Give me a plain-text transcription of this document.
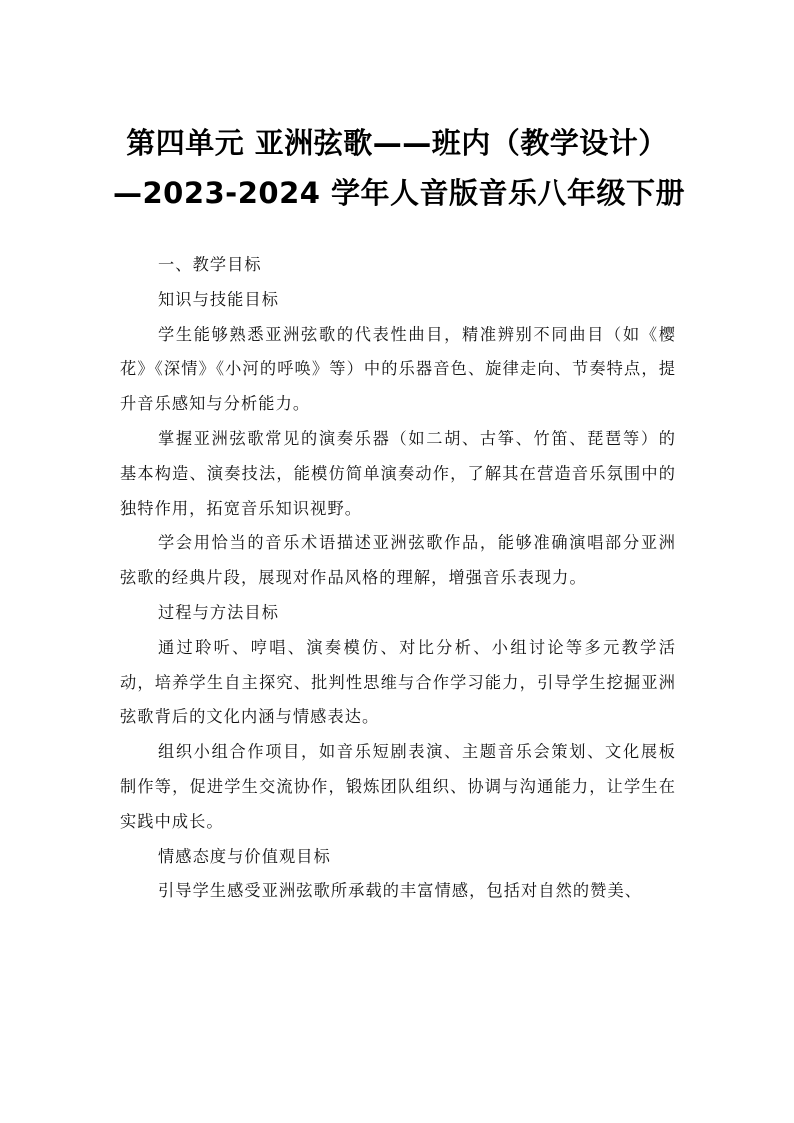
第四单元 亚洲弦歌——班内（教学设计）
—2023-2024 学年人音版音乐八年级下册

一、教学目标

知识与技能目标

学生能够熟悉亚洲弦歌的代表性曲目，精准辨别不同曲目（如《樱花》《深情》《小河的呼唤》等）中的乐器音色、旋律走向、节奏特点，提升音乐感知与分析能力。

掌握亚洲弦歌常见的演奏乐器（如二胡、古筝、竹笛、琵琶等）的基本构造、演奏技法，能模仿简单演奏动作，了解其在营造音乐氛围中的独特作用，拓宽音乐知识视野。

学会用恰当的音乐术语描述亚洲弦歌作品，能够准确演唱部分亚洲弦歌的经典片段，展现对作品风格的理解，增强音乐表现力。

过程与方法目标

通过聆听、哼唱、演奏模仿、对比分析、小组讨论等多元教学活动，培养学生自主探究、批判性思维与合作学习能力，引导学生挖掘亚洲弦歌背后的文化内涵与情感表达。

组织小组合作项目，如音乐短剧表演、主题音乐会策划、文化展板制作等，促进学生交流协作，锻炼团队组织、协调与沟通能力，让学生在实践中成长。

情感态度与价值观目标

引导学生感受亚洲弦歌所承载的丰富情感，包括对自然的赞美、
